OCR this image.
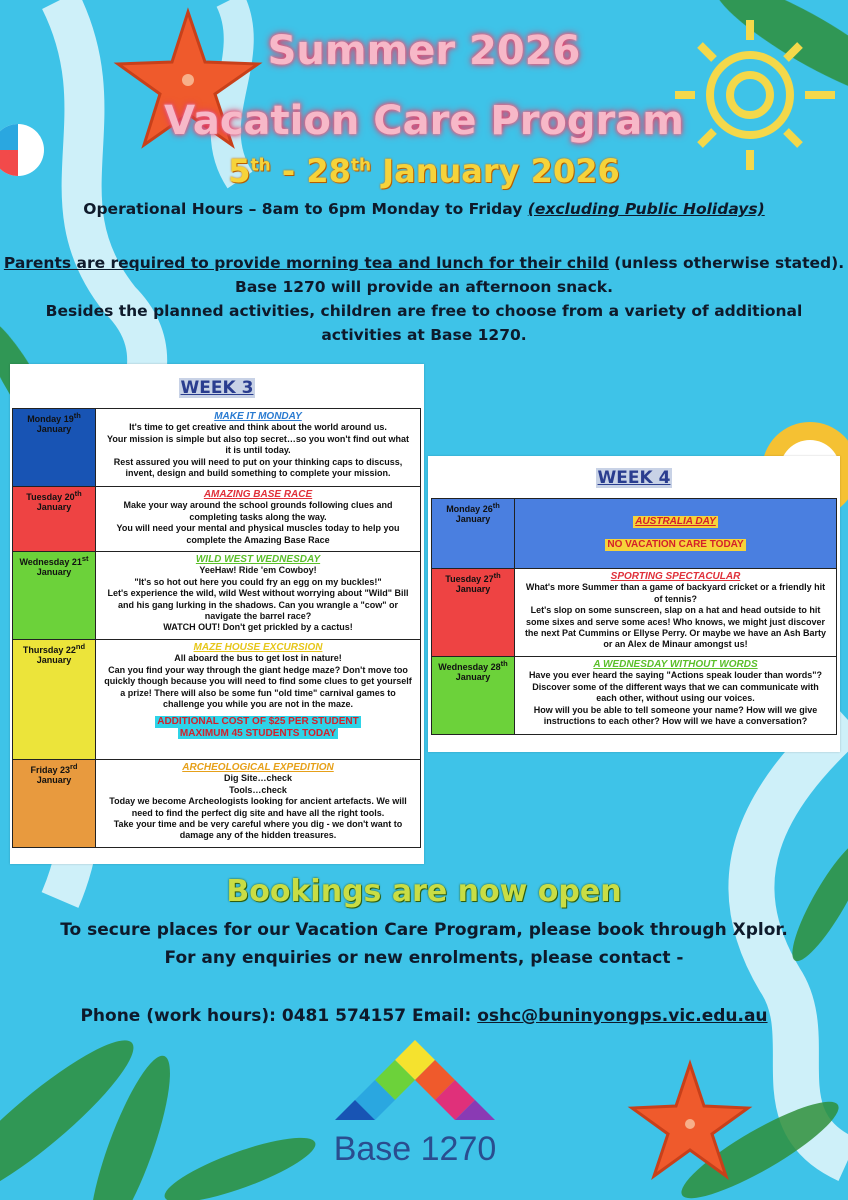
Summer 2026
Vacation Care Program
5th - 28th January 2026
Operational Hours – 8am to 6pm Monday to Friday (excluding Public Holidays)
Parents are required to provide morning tea and lunch for their child (unless otherwise stated).
Base 1270 will provide an afternoon snack.
Besides the planned activities, children are free to choose from a variety of additional activities at Base 1270.
WEEK 3
Monday 19th
January	MAKE IT MONDAY
It's time to get creative and think about the world around us.
Your mission is simple but also top secret…so you won't find out what it is until today.
Rest assured you will need to put on your thinking caps to discuss, invent, design and build something to complete your mission.
Tuesday 20th
January	AMAZING BASE RACE
Make your way around the school grounds following clues and completing tasks along the way.
You will need your mental and physical muscles today to help you complete the Amazing Base Race
Wednesday 21st
January	WILD WEST WEDNESDAY
YeeHaw! Ride 'em Cowboy!
"It's so hot out here you could fry an egg on my buckles!"
Let's experience the wild, wild West without worrying about "Wild" Bill and his gang lurking in the shadows. Can you wrangle a "cow" or navigate the barrel race?
WATCH OUT! Don't get prickled by a cactus!
Thursday 22nd
January	MAZE HOUSE EXCURSION
All aboard the bus to get lost in nature!
Can you find your way through the giant hedge maze? Don't move too quickly though because you will need to find some clues to get yourself a prize! There will also be some fun "old time" carnival games to challenge you while you are not in the maze.

ADDITIONAL COST OF $25 PER STUDENT
MAXIMUM 45 STUDENTS TODAY
Friday 23rd
January	ARCHEOLOGICAL EXPEDITION
Dig Site…check
Tools…check
Today we become Archeologists looking for ancient artefacts. We will need to find the perfect dig site and have all the right tools.
Take your time and be very careful where you dig - we don't want to damage any of the hidden treasures.
WEEK 4
Monday 26th
January	AUSTRALIA DAY

NO VACATION CARE TODAY
Tuesday 27th
January	SPORTING SPECTACULAR
What's more Summer than a game of backyard cricket or a friendly hit of tennis?
Let's slop on some sunscreen, slap on a hat and head outside to hit some sixes and serve some aces! Who knows, we might just discover the next Pat Cummins or Ellyse Perry. Or maybe we have an Ash Barty or an Alex de Minaur amongst us!
Wednesday 28th
January	A WEDNESDAY WITHOUT WORDS
Have you ever heard the saying "Actions speak louder than words"?
Discover some of the different ways that we can communicate with each other, without using our voices.
How will you be able to tell someone your name? How will we give instructions to each other? How will we have a conversation?
Bookings are now open
To secure places for our Vacation Care Program, please book through Xplor.
For any enquiries or new enrolments, please contact -
Phone (work hours): 0481 574157 Email: oshc@buninyongps.vic.edu.au
Base 1270
